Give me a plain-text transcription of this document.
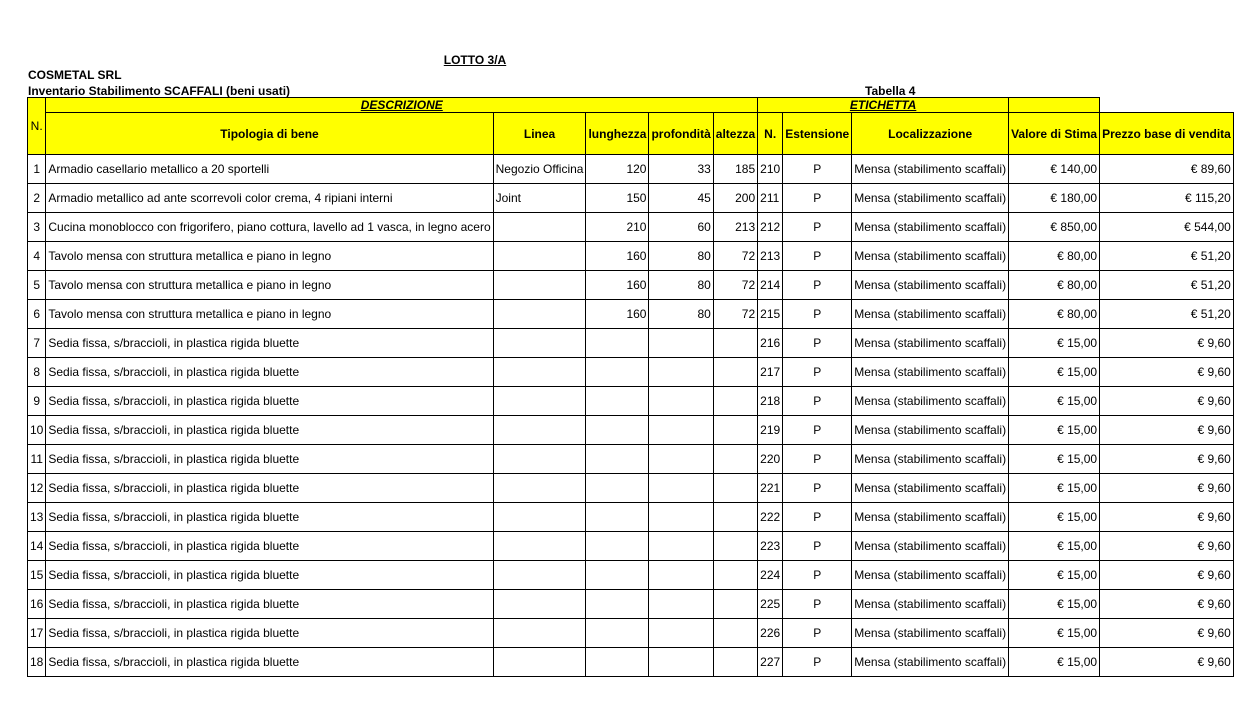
LOTTO 3/A
COSMETAL SRL
Inventario Stabilimento SCAFFALI (beni usati)	Tabella 4
N.	DESCRIZIONE					ETICHETTA				
	Tipologia di bene	Linea	lunghezza	profondità	altezza	N.	Estensione	Localizzazione	Valore di Stima	Prezzo base di vendita
1	Armadio casellario metallico a 20 sportelli	Negozio Officina	120	33	185	210	P	Mensa (stabilimento scaffali)	€ 140,00	€ 89,60
2	Armadio metallico ad ante scorrevoli color crema, 4 ripiani interni	Joint	150	45	200	211	P	Mensa (stabilimento scaffali)	€ 180,00	€ 115,20
3	Cucina monoblocco con frigorifero, piano cottura, lavello ad 1 vasca, in legno acero		210	60	213	212	P	Mensa (stabilimento scaffali)	€ 850,00	€ 544,00
4	Tavolo mensa con struttura metallica e piano in legno		160	80	72	213	P	Mensa (stabilimento scaffali)	€ 80,00	€ 51,20
5	Tavolo mensa con struttura metallica e piano in legno		160	80	72	214	P	Mensa (stabilimento scaffali)	€ 80,00	€ 51,20
6	Tavolo mensa con struttura metallica e piano in legno		160	80	72	215	P	Mensa (stabilimento scaffali)	€ 80,00	€ 51,20
7	Sedia fissa, s/braccioli, in plastica rigida bluette					216	P	Mensa (stabilimento scaffali)	€ 15,00	€ 9,60
8	Sedia fissa, s/braccioli, in plastica rigida bluette					217	P	Mensa (stabilimento scaffali)	€ 15,00	€ 9,60
9	Sedia fissa, s/braccioli, in plastica rigida bluette					218	P	Mensa (stabilimento scaffali)	€ 15,00	€ 9,60
10	Sedia fissa, s/braccioli, in plastica rigida bluette					219	P	Mensa (stabilimento scaffali)	€ 15,00	€ 9,60
11	Sedia fissa, s/braccioli, in plastica rigida bluette					220	P	Mensa (stabilimento scaffali)	€ 15,00	€ 9,60
12	Sedia fissa, s/braccioli, in plastica rigida bluette					221	P	Mensa (stabilimento scaffali)	€ 15,00	€ 9,60
13	Sedia fissa, s/braccioli, in plastica rigida bluette					222	P	Mensa (stabilimento scaffali)	€ 15,00	€ 9,60
14	Sedia fissa, s/braccioli, in plastica rigida bluette					223	P	Mensa (stabilimento scaffali)	€ 15,00	€ 9,60
15	Sedia fissa, s/braccioli, in plastica rigida bluette					224	P	Mensa (stabilimento scaffali)	€ 15,00	€ 9,60
16	Sedia fissa, s/braccioli, in plastica rigida bluette					225	P	Mensa (stabilimento scaffali)	€ 15,00	€ 9,60
17	Sedia fissa, s/braccioli, in plastica rigida bluette					226	P	Mensa (stabilimento scaffali)	€ 15,00	€ 9,60
18	Sedia fissa, s/braccioli, in plastica rigida bluette					227	P	Mensa (stabilimento scaffali)	€ 15,00	€ 9,60
